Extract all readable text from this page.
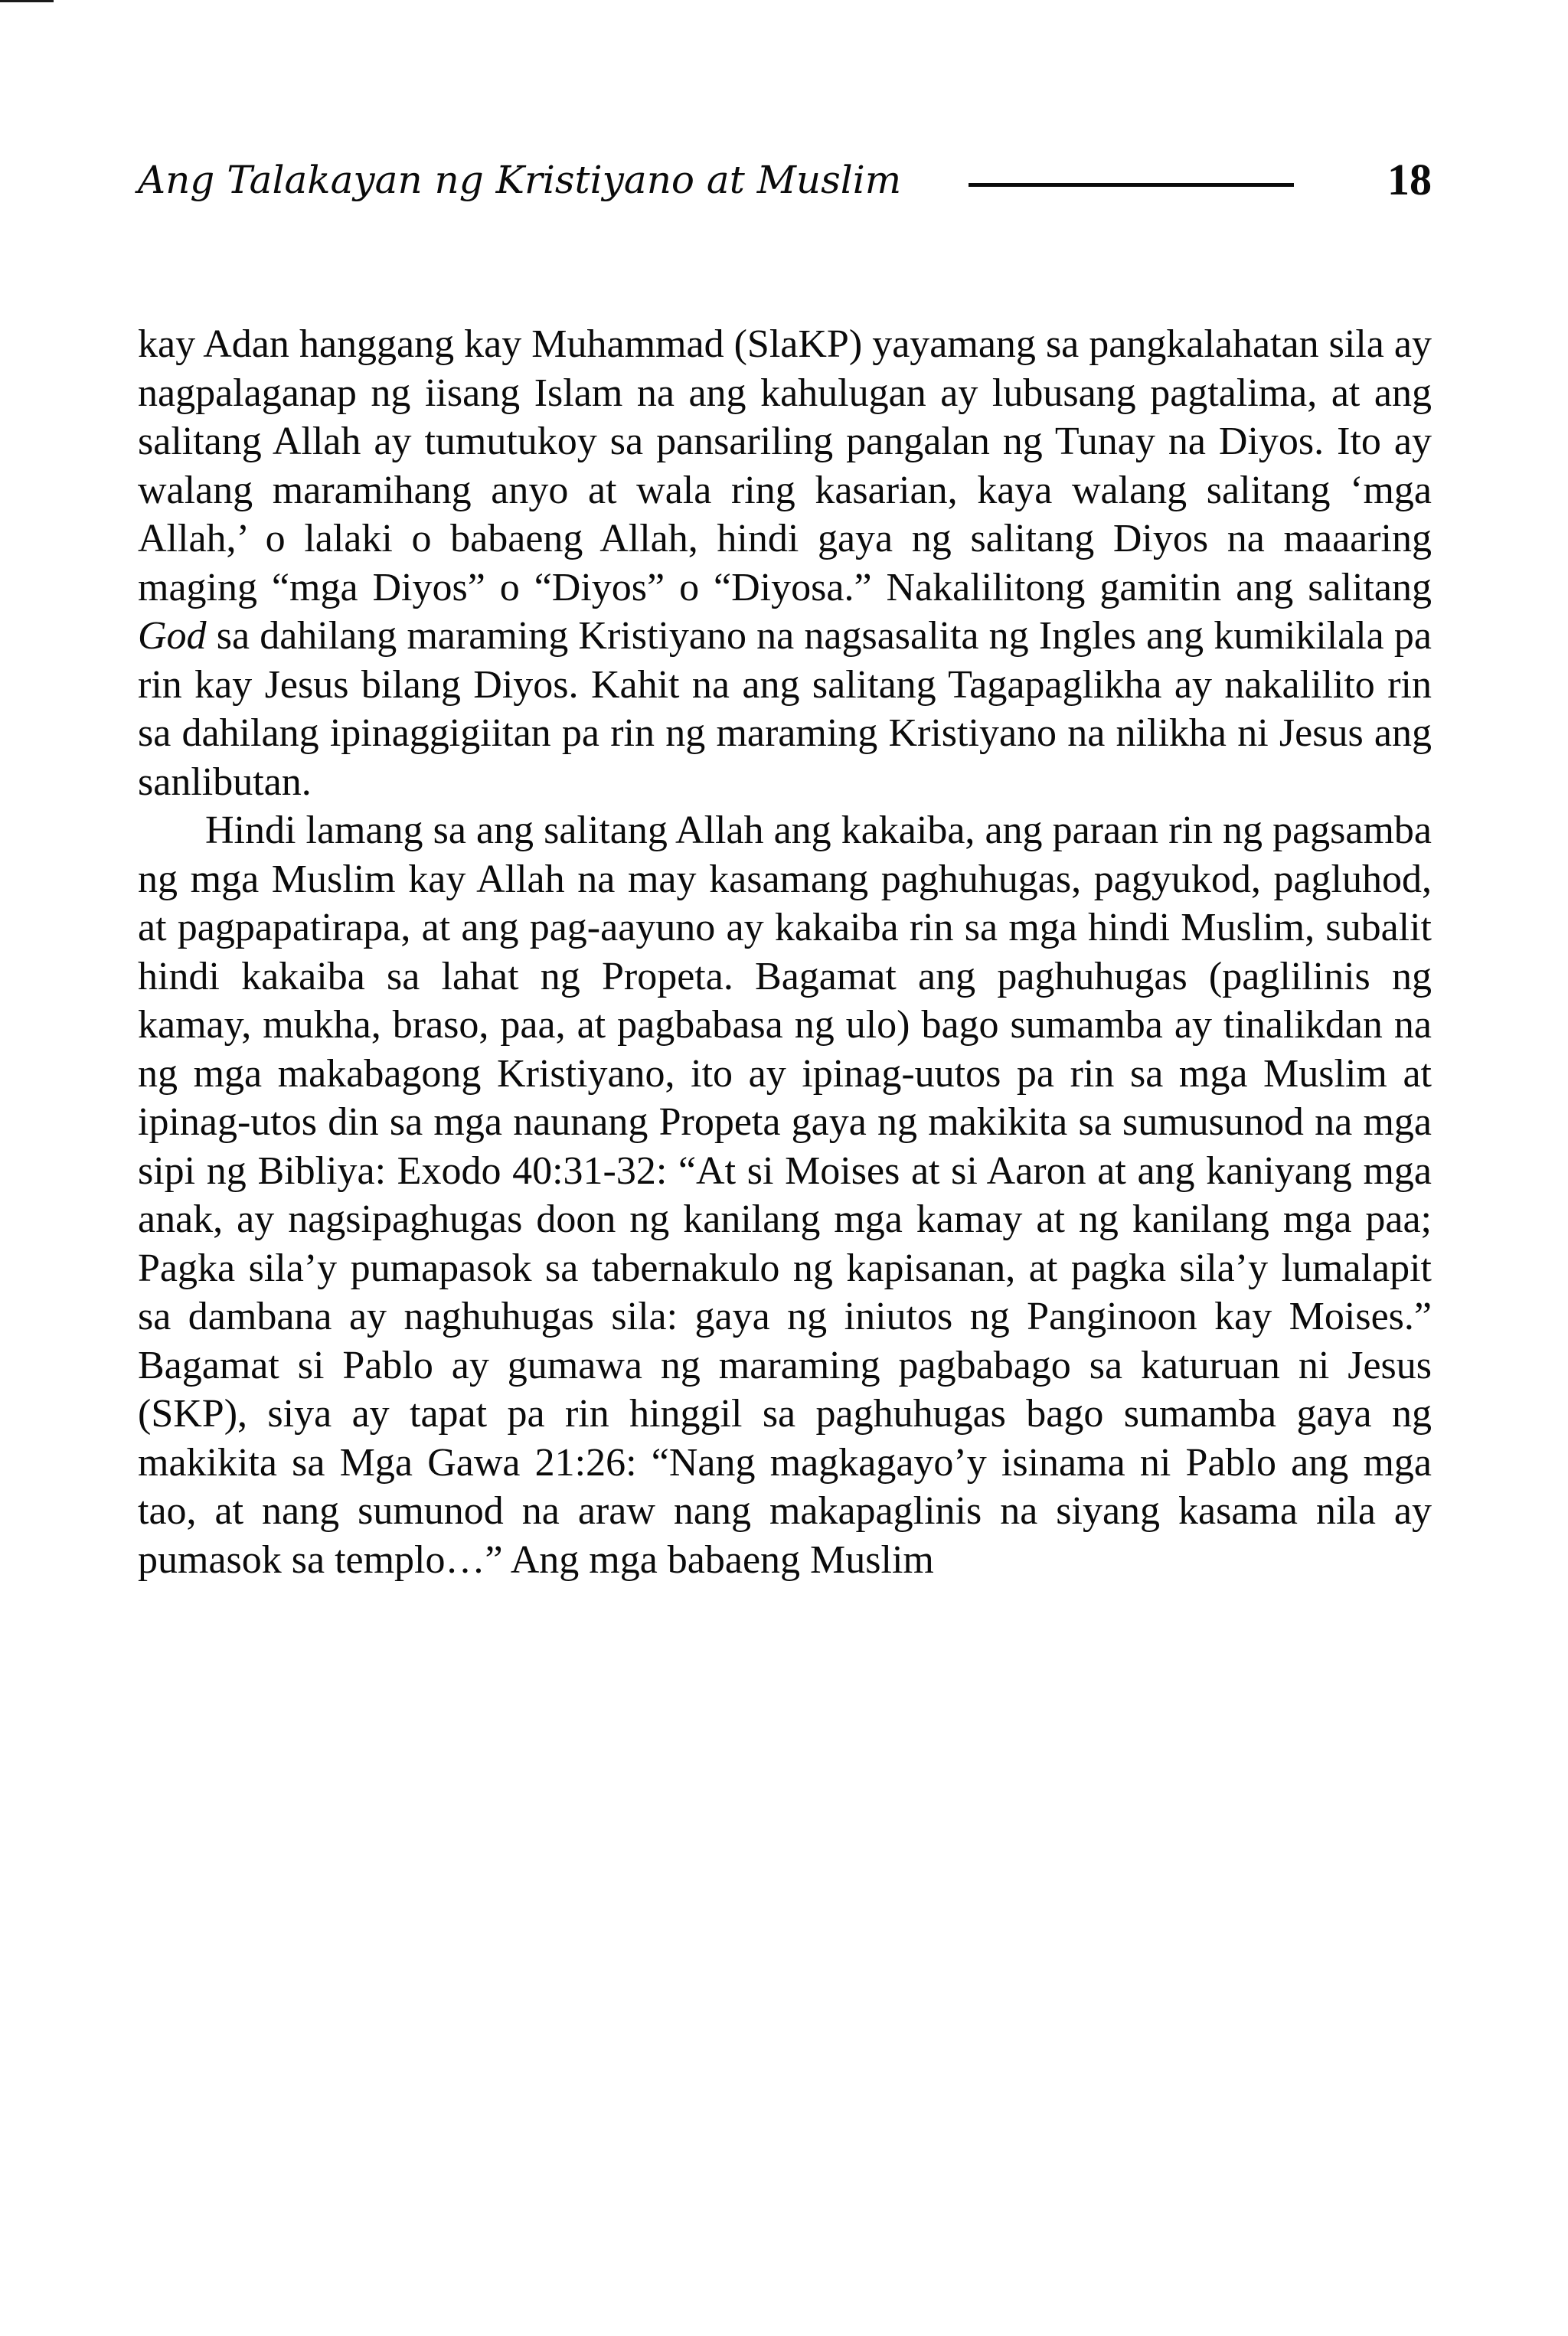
Ang Talakayan ng Kristiyano at Muslim	18

kay Adan hanggang kay Muhammad (SlaKP) yayamang sa pangkalahatan sila ay nagpalaganap ng iisang Islam na ang kahulugan ay lubusang pagtalima, at ang salitang Allah ay tumutukoy sa pansariling pangalan ng Tunay na Diyos. Ito ay walang maramihang anyo at wala ring kasarian, kaya walang salitang ‘mga Allah,’ o lalaki o babaeng Allah, hindi gaya ng salitang Diyos na maaaring maging “mga Diyos” o “Diyos” o “Diyosa.” Nakalilitong gamitin ang salitang God sa dahilang maraming Kristiyano na nagsasalita ng Ingles ang kumikilala pa rin kay Jesus bilang Diyos. Kahit na ang salitang Tagapaglikha ay nakalilito rin sa dahilang ipinaggigiitan pa rin ng maraming Kristiyano na nilikha ni Jesus ang sanlibutan.

Hindi lamang sa ang salitang Allah ang kakaiba, ang paraan rin ng pagsamba ng mga Muslim kay Allah na may kasamang paghuhugas, pagyukod, pagluhod, at pagpapatirapa, at ang pag-aayuno ay kakaiba rin sa mga hindi Muslim, subalit hindi kakaiba sa lahat ng Propeta. Bagamat ang paghuhugas (paglilinis ng kamay, mukha, braso, paa, at pagbabasa ng ulo) bago sumamba ay tinalikdan na ng mga makabagong Kristiyano, ito ay ipinag-uutos pa rin sa mga Muslim at ipinag-utos din sa mga naunang Propeta gaya ng makikita sa sumusunod na mga sipi ng Bibliya: Exodo 40:31-32: “At si Moises at si Aaron at ang kaniyang mga anak, ay nagsipaghugas doon ng kanilang mga kamay at ng kanilang mga paa; Pagka sila’y pumapasok sa tabernakulo ng kapisanan, at pagka sila’y lumalapit sa dambana ay naghuhugas sila: gaya ng iniutos ng Panginoon kay Moises.” Bagamat si Pablo ay gumawa ng maraming pagbabago sa katuruan ni Jesus (SKP), siya ay tapat pa rin hinggil sa paghuhugas bago sumamba gaya ng makikita sa Mga Gawa 21:26: “Nang magkagayo’y isinama ni Pablo ang mga tao, at nang sumunod na araw nang makapaglinis na siyang kasama nila ay pumasok sa templo…” Ang mga babaeng Muslim
